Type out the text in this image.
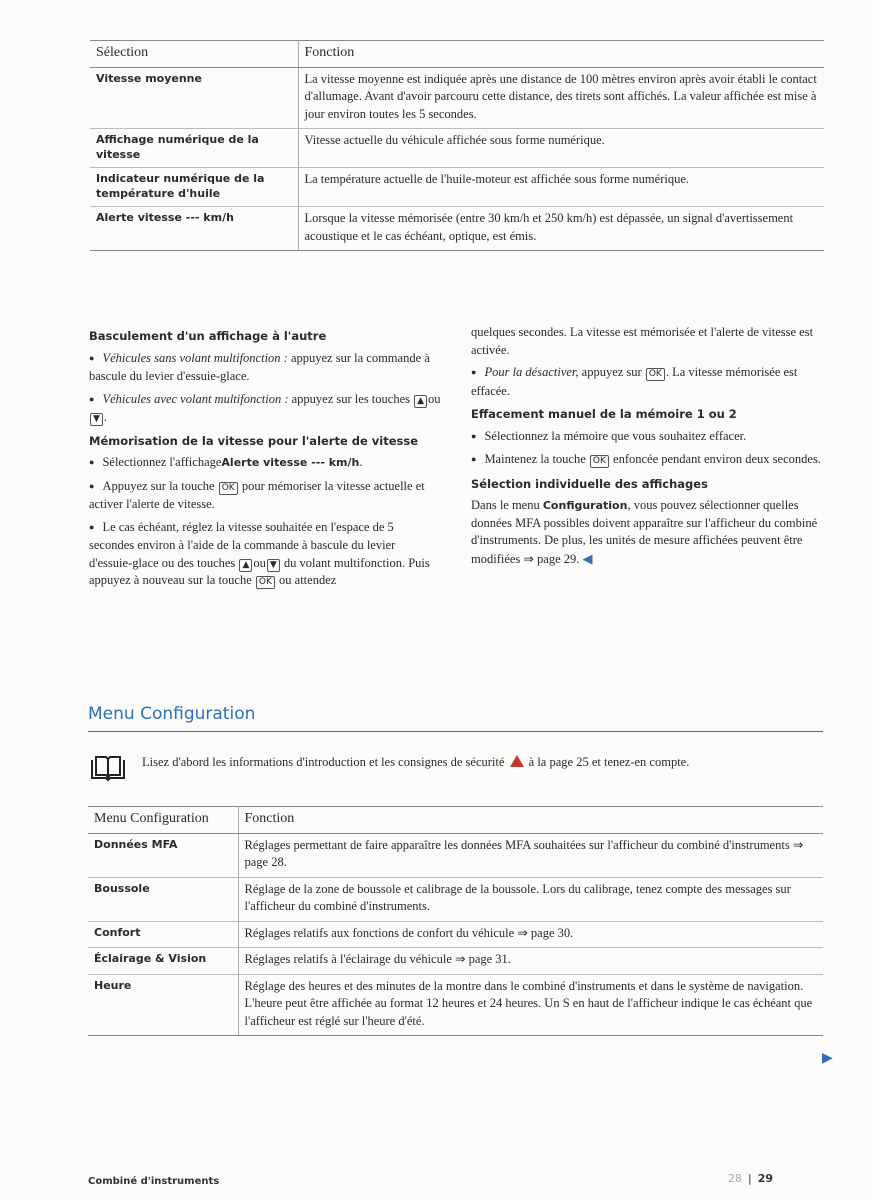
Sélection	Fonction
Vitesse moyenne	La vitesse moyenne est indiquée après une distance de 100 mètres environ après avoir établi le contact d'allumage. Avant d'avoir parcouru cette distance, des tirets sont affichés. La valeur affichée est mise à jour environ toutes les 5 secondes.
Affichage numérique de la vitesse	Vitesse actuelle du véhicule affichée sous forme numérique.
Indicateur numérique de la température d'huile	La température actuelle de l'huile-moteur est affichée sous forme numérique.
Alerte vitesse --- km/h	Lorsque la vitesse mémorisée (entre 30 km/h et 250 km/h) est dépassée, un signal d'avertissement acoustique et le cas échéant, optique, est émis.
Basculement d'un affichage à l'autre

● Véhicules sans volant multifonction : appuyez sur la commande à bascule du levier d'essuie-glace.

● Véhicules avec volant multifonction : appuyez sur les touches ▲ ou▼ .

Mémorisation de la vitesse pour l'alerte de vitesse

● Sélectionnez l'affichageAlerte vitesse --- km/h.

● Appuyez sur la touche OK pour mémoriser la vitesse actuelle et activer l'alerte de vitesse.

● Le cas échéant, réglez la vitesse souhaitée en l'espace de 5 secondes environ à l'aide de la commande à bascule du levier d'essuie-glace ou des touches ▲ ou ▼ du volant multifonction. Puis appuyez à nouveau sur la touche OK ou attendez

quelques secondes. La vitesse est mémorisée et l'alerte de vitesse est activée.

● Pour la désactiver, appuyez sur OK . La vitesse mémorisée est effacée.

Effacement manuel de la mémoire 1 ou 2

● Sélectionnez la mémoire que vous souhaitez effacer.

● Maintenez la touche OK enfoncée pendant environ deux secondes.

Sélection individuelle des affichages

Dans le menu Configuration, vous pouvez sélectionner quelles données MFA possibles doivent apparaître sur l'afficheur du combiné d'instruments. De plus, les unités de mesure affichées peuvent être modifiées ⇒ page 29. ◀

Menu Configuration
Lisez d'abord les informations d'introduction et les consignes de sécurité  à la page 25 et tenez-en compte.
Menu Configuration	Fonction
Données MFA	Réglages permettant de faire apparaître les données MFA souhaitées sur l'afficheur du combiné d'instruments ⇒ page 28.
Boussole	Réglage de la zone de boussole et calibrage de la boussole. Lors du calibrage, tenez compte des messages sur l'afficheur du combiné d'instruments.
Confort	Réglages relatifs aux fonctions de confort du véhicule ⇒ page 30.
Éclairage & Vision	Réglages relatifs à l'éclairage du véhicule ⇒ page 31.
Heure	Réglage des heures et des minutes de la montre dans le combiné d'instruments et dans le système de navigation. L'heure peut être affichée au format 12 heures et 24 heures. Un S en haut de l'afficheur indique le cas échéant que l'afficheur est réglé sur l'heure d'été.
▶
Combiné d'instruments	28 | 29
